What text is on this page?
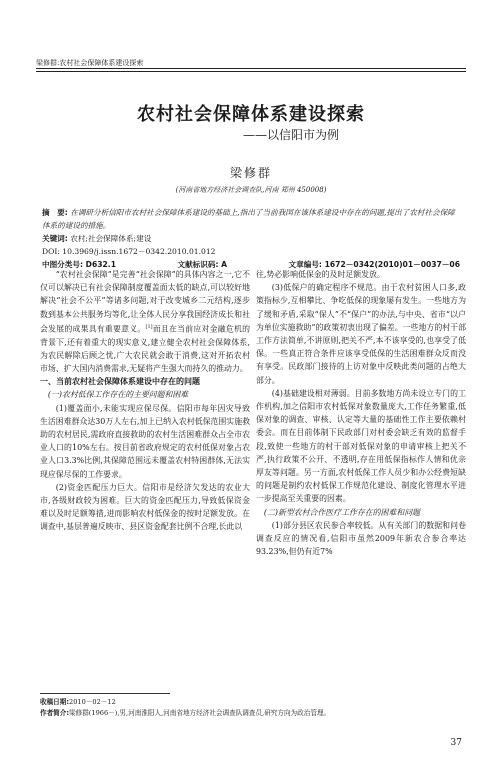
梁修群:农村社会保障体系建设探索
农村社会保障体系建设探索
——以信阳市为例
梁修群
(河南省地方经济社会调查队,河南 郑州 450008)

摘　要: 在调研分析信阳市农村社会保障体系建设的基础上,指出了当前我国在该体系建设中存在的问题,提出了农村社会保障体系的建设的措施。

关键词: 农村;社会保障体系;建设

DOI: 10.3969/j.issn.1672－0342.2010.01.012

中图分类号: D632.1	文献标识码: A	文章编号: 1672－0342(2010)01－0037－06

“农村社会保障”是完善“社会保障”的具体内容之一,它不仅可以解决已有社会保障制度覆盖面太低的缺点,可以较好地解决“社会不公平”等诸多问题,对于改变城乡二元结构,逐步数到基本公共服务均等化,让全体人民分享我国经济成长和社会发展的成果具有重要意义。[1]而且在当前应对金融危机的背景下,还有着重大的现实意义,建立健全农村社会保障体系,为农民解除后顾之忧,广大农民就会敢于消费,这对开拓农村市场、扩大国内消费需求,无疑将产生强大而持久的推动力。

一、当前农村社会保障体系建设中存在的问题

(一)农村低保工作存在的主要问题和困难

(1)覆盖面小,未能实现应保尽保。信阳市每年因灾导致生活困难群众达30万人左右,加上已纳入农村低保范围实施救助的农村居民,需政府直接救助的农村生活困难群众占全市农业人口的10%左右。按目前省政府规定的农村低保对象占农业人口3.3%比例,其保障范围远未覆盖农村特困群体,无法实现应保尽保的工作要求。

(2)资金匹配压力巨大。信阳市是经济欠发达的农业大市,各级财政较为困难。巨大的资金匹配压力,导致低保资金难以及时足额筹措,进而影响农村低保金的按时足额发放。在调查中,基层普遍反映市、县区资金配套比例不合理,长此以

往,势必影响低保金的及时足额发放。

(3)低保户的确定程序不规范。由于农村贫困人口多,政策指标少,互相攀比、争吃低保的现象屡有发生。一些地方为了缓和矛盾,采取“保人”不“保户”的办法,与中央、省市“以户为单位实施救助”的政策初衷出现了偏差。一些地方的村干部工作方法简单,不讲原则,把关不严,本不该享受的,也享受了低保。一些真正符合条件应该享受低保的生活困难群众反而没有享受。民政部门接待的上访对象中反映此类问题的占绝大部分。

(4)基础建设相对薄弱。目前多数地方尚未设立专门的工作机构,加之信阳市农村低保对象数量庞大,工作任务繁重,低保对象的调查、审核、认定等大量的基础性工作主要依赖村委会。而在目前体制下民政部门对村委会缺乏有效的监督手段,致使一些地方的村干部对低保对象的申请审核上把关不严,执行政策不公开、不透明,存在用低保指标作人情和优亲厚友等问题。另一方面,农村低保工作人员少和办公经费短缺的问题是制约农村低保工作规范化建设、制度化管理水平进一步提高至关重要的因素。

(二)新型农村合作医疗工作存在的困难和问题

(1)部分县区农民参合率较低。从有关部门的数据和问卷调查反应的情况看,信阳市虽然2009年新农合参合率达93.23%,但仍有近7%

收稿日期:2010－02－12
作者简介:梁修群(1966－),男,河南淮阳人,河南省地方经济社会调查队调查员,研究方向为政治管理。
37
